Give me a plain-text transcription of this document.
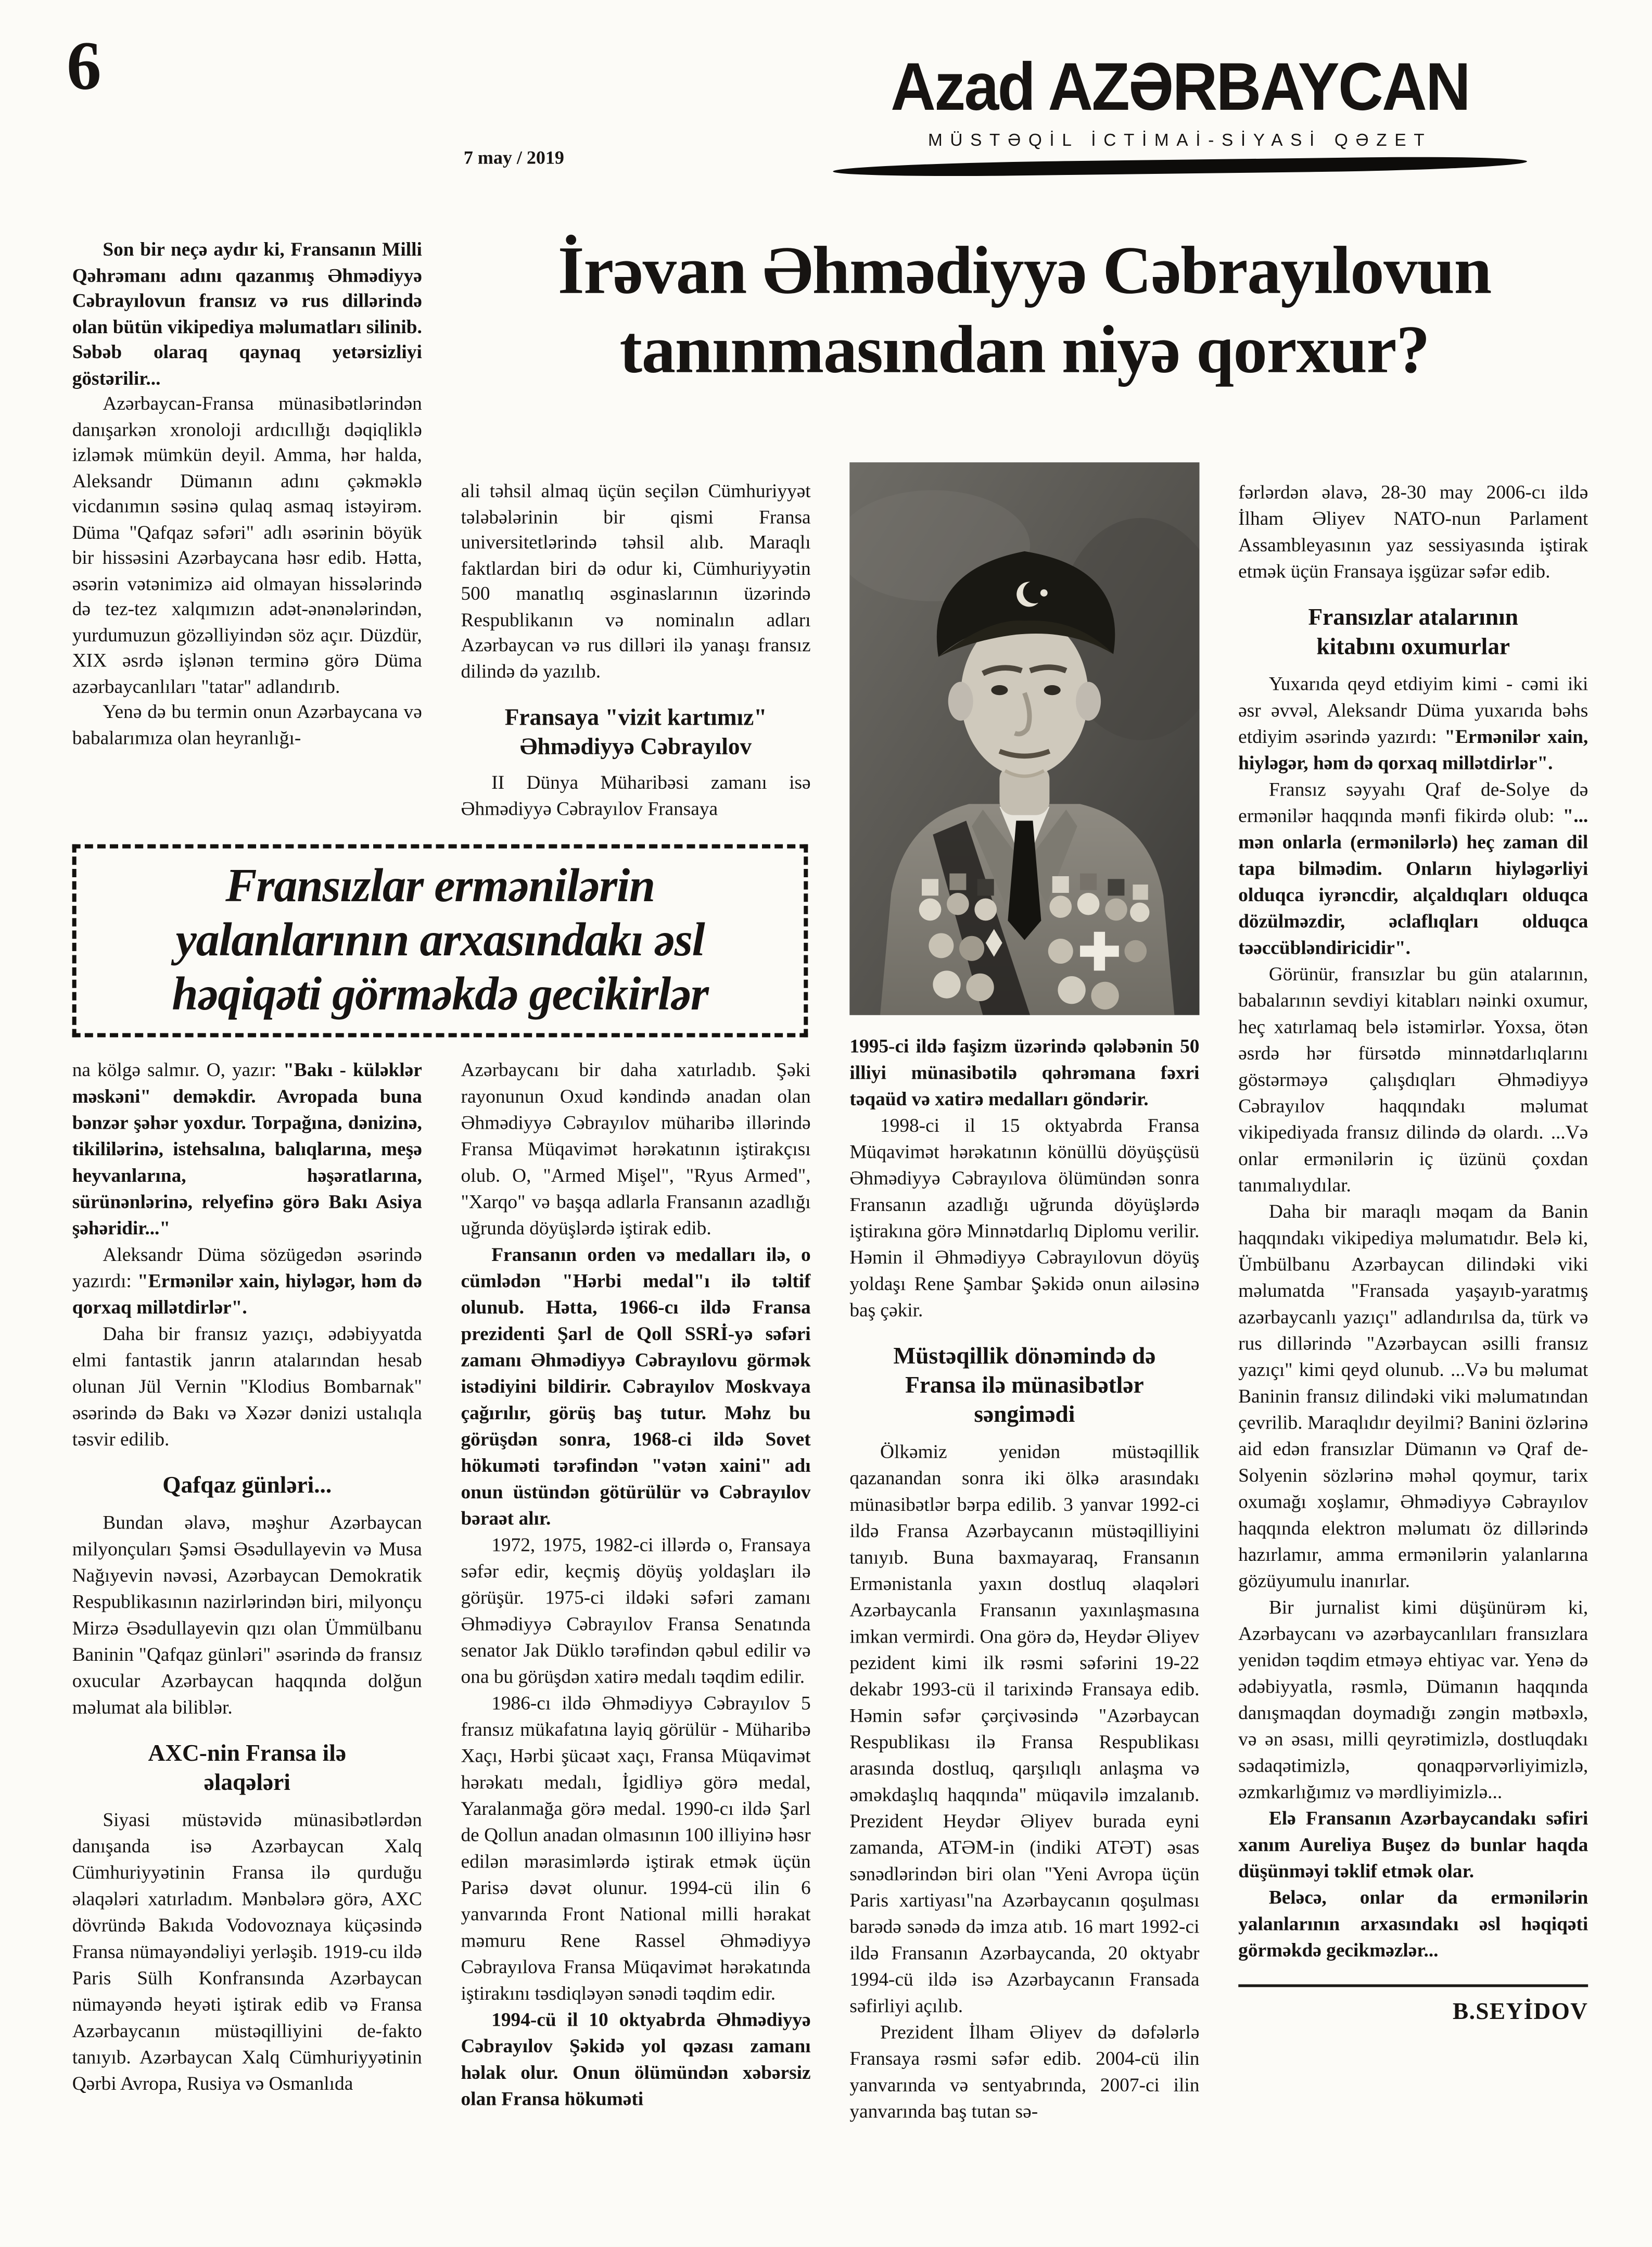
6
7 may / 2019
Azad AZƏRBAYCAN
MÜSTƏQİL İCTİMAİ-SİYASİ QƏZET
İrəvan Əhmədiyyə Cəbrayılovun
tanınmasından niyə qorxur?

Son bir neçə aydır ki, Fransanın Milli Qəhrəmanı adını qazanmış Əhmədiyyə Cəbrayılovun fransız və rus dillərində olan bütün vikipediya məlumatları silinib. Səbəb olaraq qaynaq yetərsizliyi göstərilir...

Azərbaycan-Fransa münasibətlərindən danışarkən xronoloji ardıcıllığı dəqiqliklə izləmək mümkün deyil. Amma, hər halda, Aleksandr Dümanın adını çəkməklə vicdanımın səsinə qulaq asmaq istəyirəm. Düma "Qafqaz səfəri" adlı əsərinin böyük bir hissəsini Azərbaycana həsr edib. Hətta, əsərin vətənimizə aid olmayan hissələrində də tez-tez xalqımızın adət-ənənələrindən, yurdumuzun gözəlliyindən söz açır. Düzdür, XIX əsrdə işlənən terminə görə Düma azərbaycanlıları "tatar" adlandırıb.

Yenə də bu termin onun Azərbaycana və babalarımıza olan heyranlığı-

Fransızlar ermənilərin
yalanlarının arxasındakı əsl
həqiqəti görməkdə gecikirlər

na kölgə salmır. O, yazır: "Bakı - küləklər məskəni" deməkdir. Avropada buna bənzər şəhər yoxdur. Torpağına, dənizinə, tikililərinə, istehsalına, balıqlarına, meşə heyvanlarına, həşəratlarına, sürünənlərinə, relyefinə görə Bakı Asiya şəhəridir..."

Aleksandr Düma sözügedən əsərində yazırdı: "Ermənilər xain, hiyləgər, həm də qorxaq millətdirlər".

Daha bir fransız yazıçı, ədəbiyyatda elmi fantastik janrın atalarından hesab olunan Jül Vernin "Klodius Bombarnak" əsərində də Bakı və Xəzər dənizi ustalıqla təsvir edilib.

Qafqaz günləri...

Bundan əlavə, məşhur Azərbaycan milyonçuları Şəmsi Əsədullayevin və Musa Nağıyevin nəvəsi, Azərbaycan Demokratik Respublikasının nazirlərindən biri, milyonçu Mirzə Əsədullayevin qızı olan Ümmülbanu Baninin "Qafqaz günləri" əsərində də fransız oxucular Azərbaycan haqqında dolğun məlumat ala biliblər.

AXC-nin Fransa ilə
əlaqələri

Siyasi müstəvidə münasibətlərdən danışanda isə Azərbaycan Xalq Cümhuriyyətinin Fransa ilə qurduğu əlaqələri xatırladım. Mənbələrə görə, AXC dövründə Bakıda Vodovoznaya küçəsində Fransa nümayəndəliyi yerləşib. 1919-cu ildə Paris Sülh Konfransında Azərbaycan nümayəndə heyəti iştirak edib və Fransa Azərbaycanın müstəqilliyini de-fakto tanıyıb. Azərbaycan Xalq Cümhuriyyətinin Qərbi Avropa, Rusiya və Osmanlıda

ali təhsil almaq üçün seçilən Cümhuriyyət tələbələrinin bir qismi Fransa universitetlərində təhsil alıb. Maraqlı faktlardan biri də odur ki, Cümhuriyyətin 500 manatlıq əsginaslarının üzərində Respublikanın və nominalın adları Azərbaycan və rus dilləri ilə yanaşı fransız dilində də yazılıb.

Fransaya "vizit kartımız"
Əhmədiyyə Cəbrayılov

II Dünya Müharibəsi zamanı isə Əhmədiyyə Cəbrayılov Fransaya

Azərbaycanı bir daha xatırladıb. Şəki rayonunun Oxud kəndində anadan olan Əhmədiyyə Cəbrayılov müharibə illərində Fransa Müqavimət hərəkatının iştirakçısı olub. O, "Armed Mişel", "Ryus Armed", "Xarqo" və başqa adlarla Fransanın azadlığı uğrunda döyüşlərdə iştirak edib.

Fransanın orden və medalları ilə, o cümlədən "Hərbi medal"ı ilə təltif olunub. Hətta, 1966-cı ildə Fransa prezidenti Şarl de Qoll SSRİ-yə səfəri zamanı Əhmədiyyə Cəbrayılovu görmək istədiyini bildirir. Cəbrayılov Moskvaya çağırılır, görüş baş tutur. Məhz bu görüşdən sonra, 1968-ci ildə Sovet hökuməti tərəfindən "vətən xaini" adı onun üstündən götürülür və Cəbrayılov bəraət alır.

1972, 1975, 1982-ci illərdə o, Fransaya səfər edir, keçmiş döyüş yoldaşları ilə görüşür. 1975-ci ildəki səfəri zamanı Əhmədiyyə Cəbrayılov Fransa Senatında senator Jak Düklo tərəfindən qəbul edilir və ona bu görüşdən xatirə medalı təqdim edilir.

1986-cı ildə Əhmədiyyə Cəbrayılov 5 fransız mükafatına layiq görülür - Müharibə Xaçı, Hərbi şücaət xaçı, Fransa Müqavimət hərəkatı medalı, İgidliyə görə medal, Yaralanmağa görə medal. 1990-cı ildə Şarl de Qollun anadan olmasının 100 illiyinə həsr edilən mərasimlərdə iştirak etmək üçün Parisə dəvət olunur. 1994-cü ilin 6 yanvarında Front National milli hərakat məmuru Rene Rassel Əhmədiyyə Cəbrayılova Fransa Müqavimət hərəkatında iştirakını təsdiqləyən sənədi təqdim edir.

1994-cü il 10 oktyabrda Əhmədiyyə Cəbrayılov Şəkidə yol qəzası zamanı həlak olur. Onun ölümündən xəbərsiz olan Fransa hökuməti

1995-ci ildə faşizm üzərində qələbənin 50 illiyi münasibətilə qəhrəmana fəxri təqaüd və xatirə medalları göndərir.

1998-ci il 15 oktyabrda Fransa Müqavimət hərəkatının könüllü döyüşçüsü Əhmədiyyə Cəbrayılova ölümündən sonra Fransanın azadlığı uğrunda döyüşlərdə iştirakına görə Minnətdarlıq Diplomu verilir. Həmin il Əhmədiyyə Cəbrayılovun döyüş yoldaşı Rene Şambar Şəkidə onun ailəsinə baş çəkir.

Müstəqillik dönəmində də
Fransa ilə münasibətlər
səngimədi

Ölkəmiz yenidən müstəqillik qazanandan sonra iki ölkə arasındakı münasibətlər bərpa edilib. 3 yanvar 1992-ci ildə Fransa Azərbaycanın müstəqilliyini tanıyıb. Buna baxmayaraq, Fransanın Ermənistanla yaxın dostluq əlaqələri Azərbaycanla Fransanın yaxınlaşmasına imkan vermirdi. Ona görə də, Heydər Əliyev pezident kimi ilk rəsmi səfərini 19-22 dekabr 1993-cü il tarixində Fransaya edib. Həmin səfər çərçivəsində "Azərbaycan Respublikası ilə Fransa Respublikası arasında dostluq, qarşılıqlı anlaşma və əməkdaşlıq haqqında" müqavilə imzalanıb. Prezident Heydər Əliyev burada eyni zamanda, ATƏM-in (indiki ATƏT) əsas sənədlərindən biri olan "Yeni Avropa üçün Paris xartiyası"na Azərbaycanın qoşulması barədə sənədə də imza atıb. 16 mart 1992-ci ildə Fransanın Azərbaycanda, 20 oktyabr 1994-cü ildə isə Azərbaycanın Fransada səfirliyi açılıb.

Prezident İlham Əliyev də dəfələrlə Fransaya rəsmi səfər edib. 2004-cü ilin yanvarında və sentyabrında, 2007-ci ilin yanvarında baş tutan sə-

fərlərdən əlavə, 28-30 may 2006-cı ildə İlham Əliyev NATO-nun Parlament Assambleyasının yaz sessiyasında iştirak etmək üçün Fransaya işgüzar səfər edib.

Fransızlar atalarının
kitabını oxumurlar

Yuxarıda qeyd etdiyim kimi - cəmi iki əsr əvvəl, Aleksandr Düma yuxarıda bəhs etdiyim əsərində yazırdı: "Ermənilər xain, hiyləgər, həm də qorxaq millətdirlər".

Fransız səyyahı Qraf de-Solye də ermənilər haqqında mənfi fikirdə olub: "... mən onlarla (ermənilərlə) heç zaman dil tapa bilmədim. Onların hiyləgərliyi olduqca iyrəncdir, alçaldıqları olduqca dözülməzdir, əclaflıqları olduqca təəccübləndiricidir".

Görünür, fransızlar bu gün atalarının, babalarının sevdiyi kitabları nəinki oxumur, heç xatırlamaq belə istəmirlər. Yoxsa, ötən əsrdə hər fürsətdə minnətdarlıqlarını göstərməyə çalışdıqları Əhmədiyyə Cəbrayılov haqqındakı məlumat vikipediyada fransız dilində də olardı. ...Və onlar ermənilərin iç üzünü çoxdan tanımalıydılar.

Daha bir maraqlı məqam da Banin haqqındakı vikipediya məlumatıdır. Belə ki, Ümbülbanu Azərbaycan dilindəki viki məlumatda "Fransada yaşayıb-yaratmış azərbaycanlı yazıçı" adlandırılsa da, türk və rus dillərində "Azərbaycan əsilli fransız yazıçı" kimi qeyd olunub. ...Və bu məlumat Baninin fransız dilindəki viki məlumatından çevrilib. Maraqlıdır deyilmi? Banini özlərinə aid edən fransızlar Dümanın və Qraf de-Solyenin sözlərinə məhəl qoymur, tarix oxumağı xoşlamır, Əhmədiyyə Cəbrayılov haqqında elektron məlumatı öz dillərində hazırlamır, amma ermənilərin yalanlarına gözüyumulu inanırlar.

Bir jurnalist kimi düşünürəm ki, Azərbaycanı və azərbaycanlıları fransızlara yenidən təqdim etməyə ehtiyac var. Yenə də ədəbiyyatla, rəsmlə, Dümanın haqqında danışmaqdan doymadığı zəngin mətbəxlə, və ən əsası, milli qeyrətimizlə, dostluqdakı sədaqətimizlə, qonaqpərvərliyimizlə, əzmkarlığımız və mərdliyimizlə...

Elə Fransanın Azərbaycandakı səfiri xanım Aureliya Buşez də bunlar haqda düşünməyi təklif etmək olar.

Beləcə, onlar da ermənilərin yalanlarının arxasındakı əsl həqiqəti görməkdə gecikməzlər...

B.SEYİDOV
